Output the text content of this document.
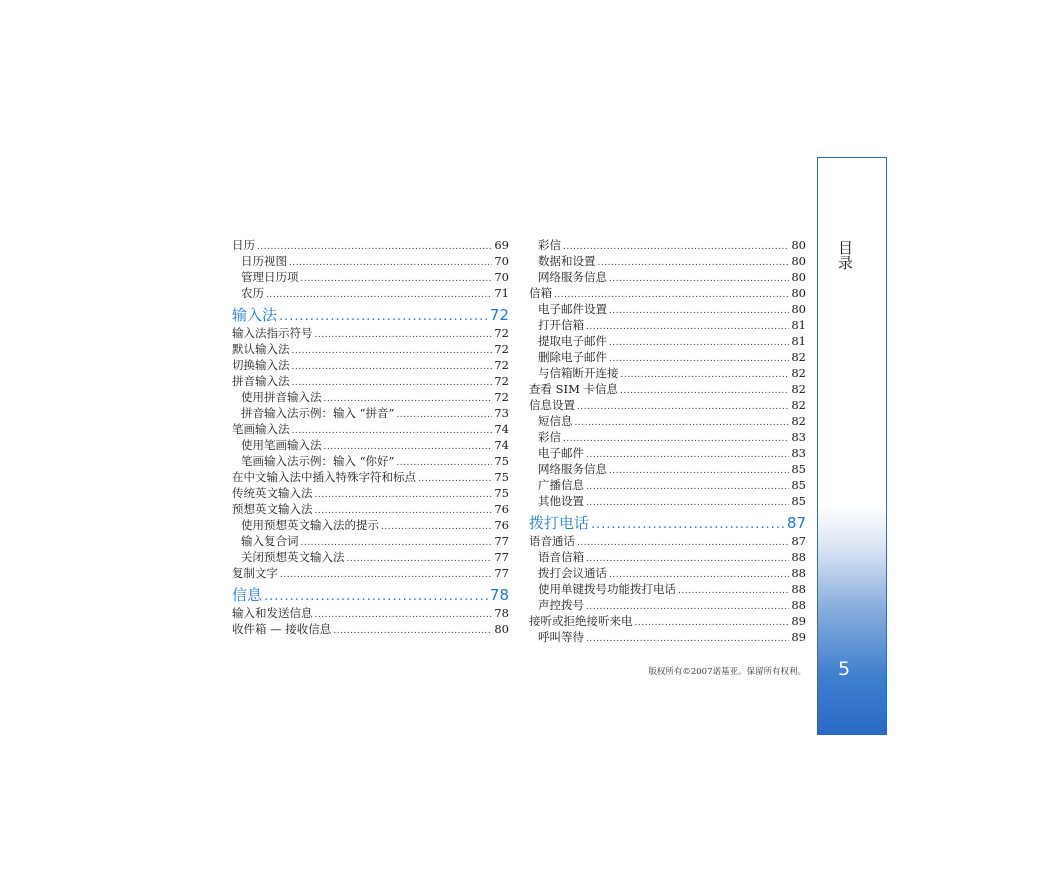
日历 .....	69
日历视图 .....	70
管理日历项 .....	70
农历 .....	71
输入法 .....	72
输入法指示符号 .....	72
默认输入法 .....	72
切换输入法 .....	72
拼音输入法 .....	72
使用拼音输入法 .....	72
拼音输入法示例：输入 “拼音” .....	73
笔画输入法 .....	74
使用笔画输入法 .....	74
笔画输入法示例：输入 “你好” .....	75
在中文输入法中插入特殊字符和标点 .....	75
传统英文输入法 .....	75
预想英文输入法 .....	76
使用预想英文输入法的提示 .....	76
输入复合词 .....	77
关闭预想英文输入法 .....	77
复制文字 .....	77
信息 .....	78
输入和发送信息 .....	78
收件箱 — 接收信息 .....	80
彩信 .....	80
数据和设置 .....	80
网络服务信息 .....	80
信箱 .....	80
电子邮件设置 .....	80
打开信箱 .....	81
提取电子邮件 .....	81
删除电子邮件 .....	82
与信箱断开连接 .....	82
查看 SIM 卡信息 .....	82
信息设置 .....	82
短信息 .....	82
彩信 .....	83
电子邮件 .....	83
网络服务信息 .....	85
广播信息 .....	85
其他设置 .....	85
拨打电话 .....	87
语音通话 .....	87
语音信箱 .....	88
拨打会议通话 .....	88
使用单键拨号功能拨打电话 .....	88
声控拨号 .....	88
接听或拒绝接听来电 .....	89
呼叫等待 .....	89
版权所有©2007诺基亚。保留所有权利。
目录
5
